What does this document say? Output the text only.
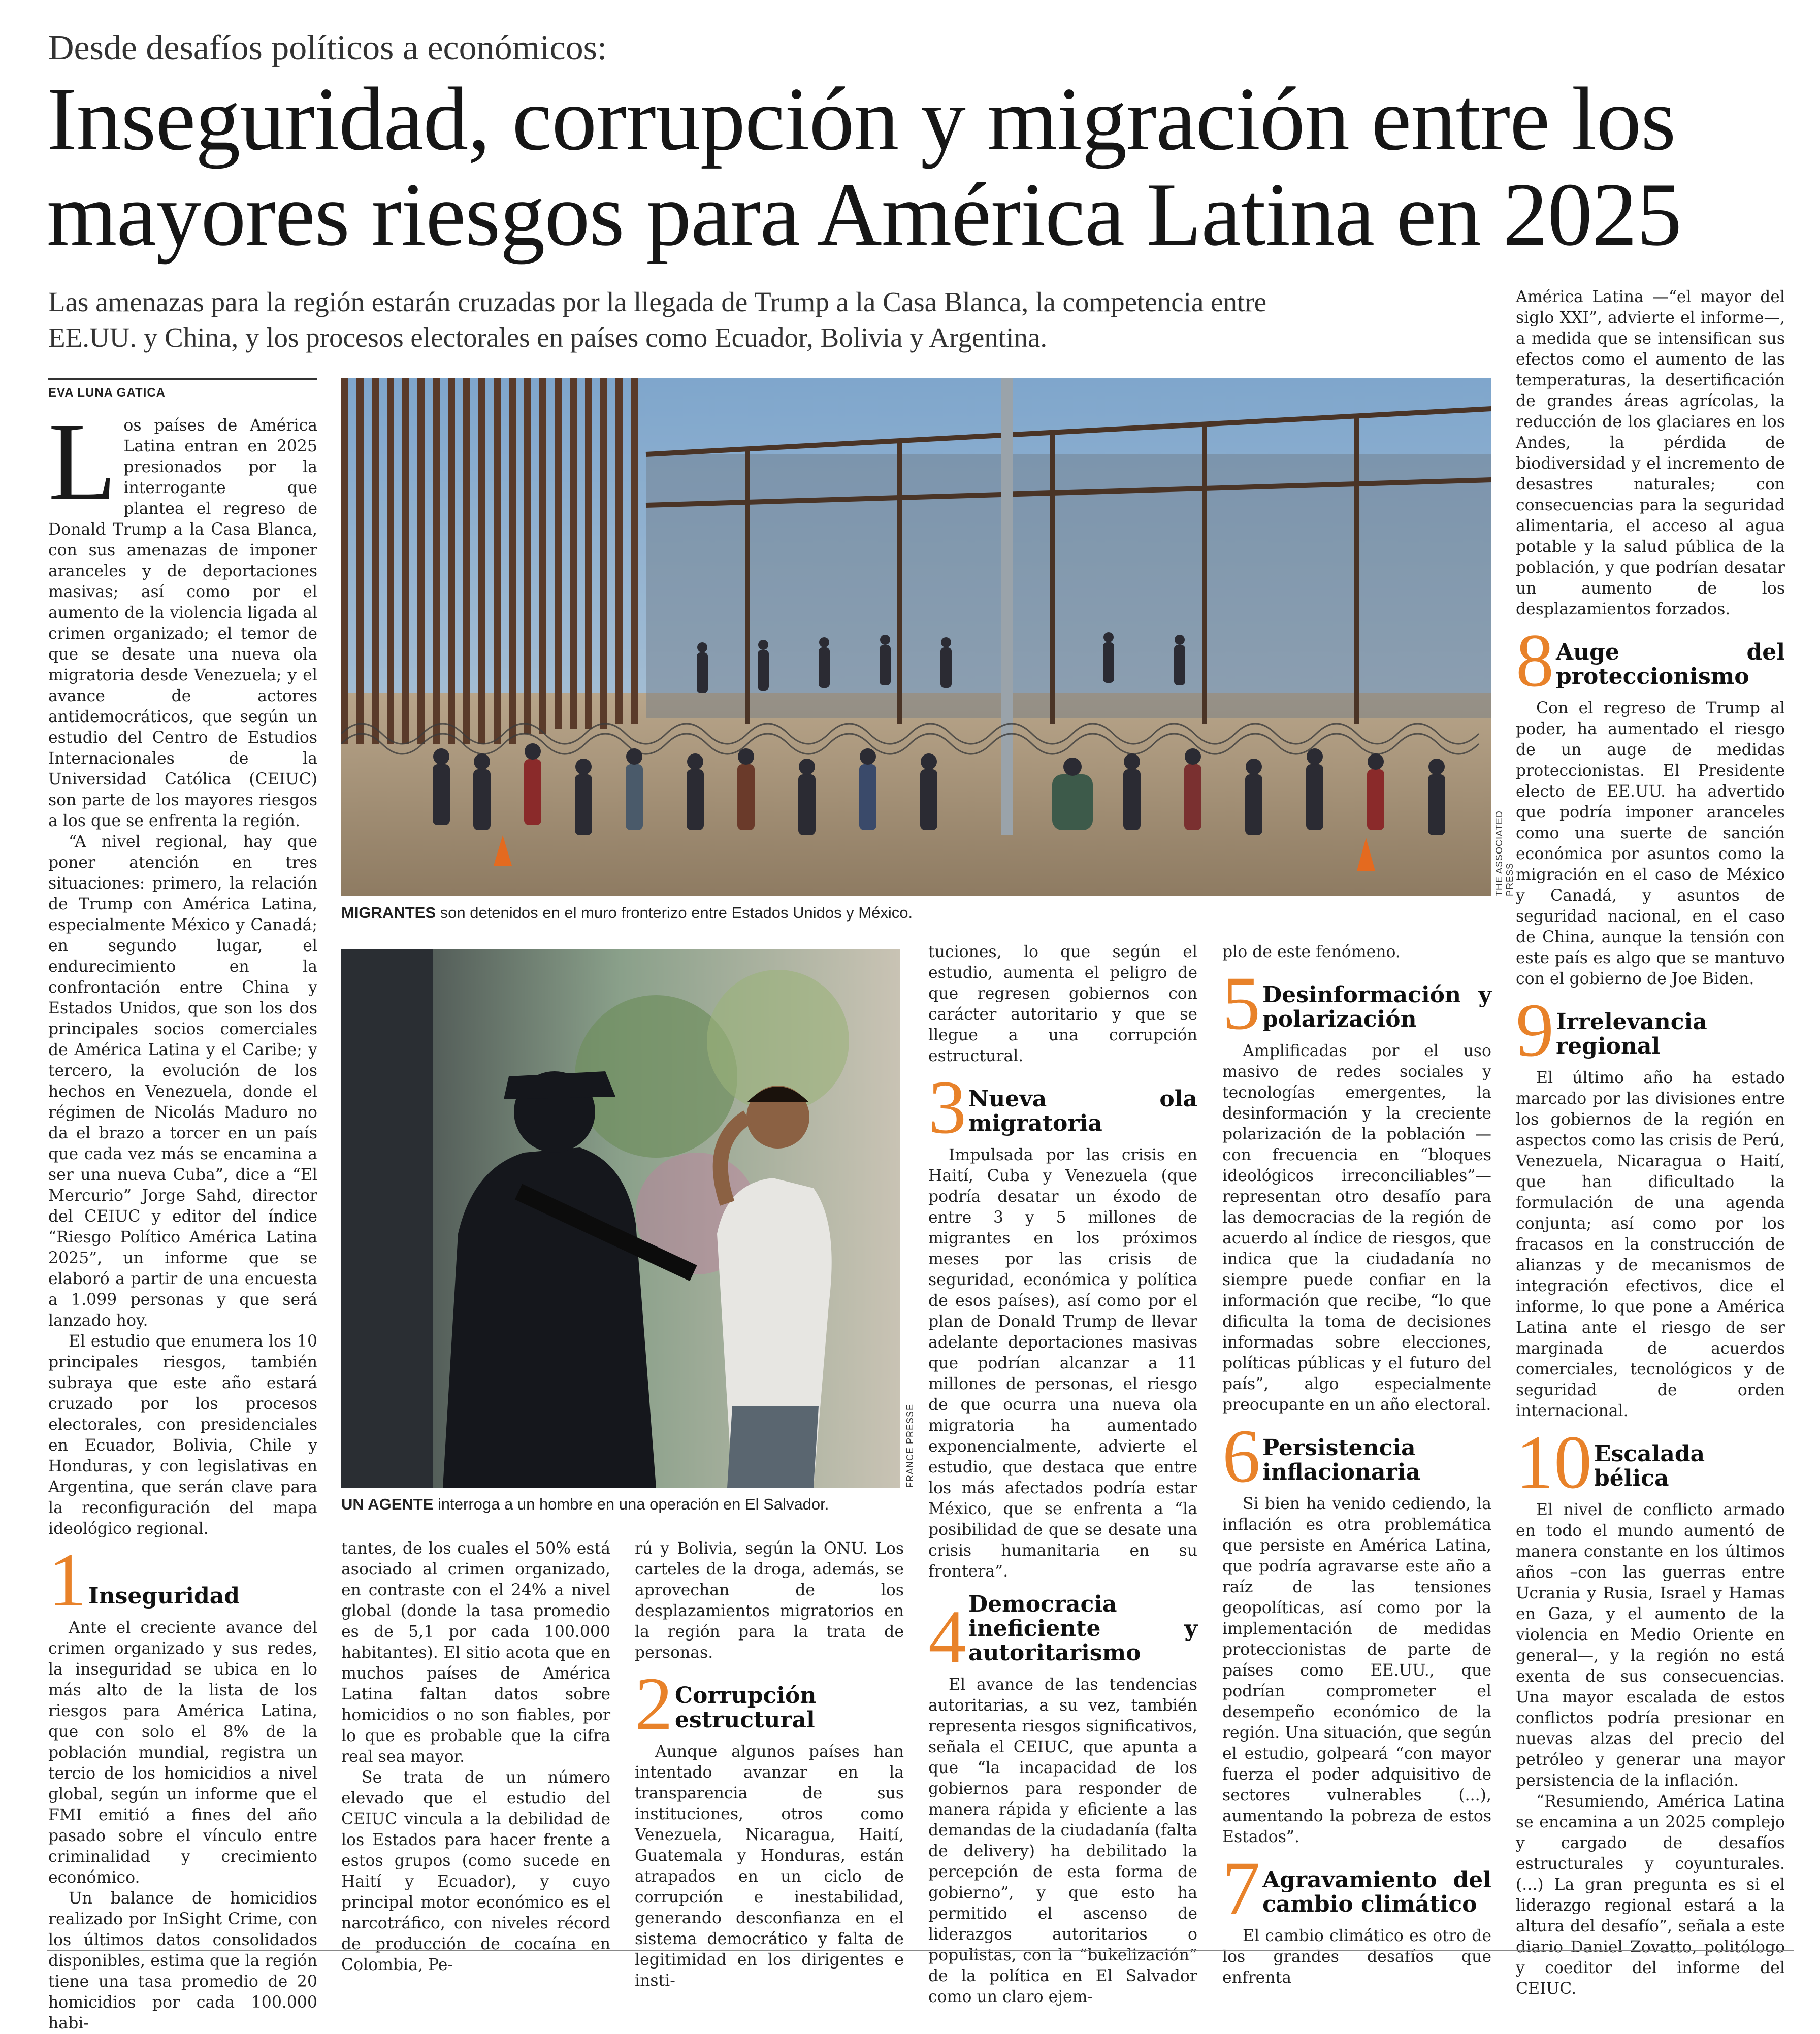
Desde desafíos políticos a económicos:
Inseguridad, corrupción y migración entre los
mayores riesgos para América Latina en 2025
Las amenazas para la región estarán cruzadas por la llegada de Trump a la Casa Blanca, la competencia entre
EE.UU. y China, y los procesos electorales en países como Ecuador, Bolivia y Argentina.
EVA LUNA GATICA
THE ASSOCIATED PRESS
MIGRANTES son detenidos en el muro fronterizo entre Estados Unidos y México.
FRANCE PRESSE
UN AGENTE interroga a un hombre en una operación en El Salvador.

Los países de América Latina entran en 2025 presionados por la interrogante que plantea el regreso de Donald Trump a la Casa Blanca, con sus amenazas de imponer aranceles y de deportaciones masivas; así como por el aumento de la violencia ligada al crimen organizado; el temor de que se desate una nueva ola migratoria desde Venezuela; y el avance de actores antidemocráticos, que según un estudio del Centro de Estudios Internacionales de la Universidad Católica (CEIUC) son parte de los mayores riesgos a los que se enfrenta la región.

“A nivel regional, hay que poner atención en tres situaciones: primero, la relación de Trump con América Latina, especialmente México y Canadá; en segundo lugar, el endurecimiento en la confrontación entre China y Estados Unidos, que son los dos principales socios comerciales de América Latina y el Caribe; y tercero, la evolución de los hechos en Venezuela, donde el régimen de Nicolás Maduro no da el brazo a torcer en un país que cada vez más se encamina a ser una nueva Cuba”, dice a “El Mercurio” Jorge Sahd, director del CEIUC y editor del índice “Riesgo Político América Latina 2025”, un informe que se elaboró a partir de una encuesta a 1.099 personas y que será lanzado hoy.

El estudio que enumera los 10 principales riesgos, también subraya que este año estará cruzado por los procesos electorales, con presidenciales en Ecuador, Bolivia, Chile y Honduras, y con legislativas en Argentina, que serán clave para la reconfiguración del mapa ideológico regional.

1 Inseguridad

Ante el creciente avance del crimen organizado y sus redes, la inseguridad se ubica en lo más alto de la lista de los riesgos para América Latina, que con solo el 8% de la población mundial, registra un tercio de los homicidios a nivel global, según un informe que el FMI emitió a fines del año pasado sobre el vínculo entre criminalidad y crecimiento económico.

Un balance de homicidios realizado por InSight Crime, con los últimos datos consolidados disponibles, estima que la región tiene una tasa promedio de 20 homicidios por cada 100.000 habi-

tantes, de los cuales el 50% está asociado al crimen organizado, en contraste con el 24% a nivel global (donde la tasa promedio es de 5,1 por cada 100.000 habitantes). El sitio acota que en muchos países de América Latina faltan datos sobre homicidios o no son fiables, por lo que es probable que la cifra real sea mayor.

Se trata de un número elevado que el estudio del CEIUC vincula a la debilidad de los Estados para hacer frente a estos grupos (como sucede en Haití y Ecuador), y cuyo principal motor económico es el narcotráfico, con niveles récord de producción de cocaína en Colombia, Pe-

rú y Bolivia, según la ONU. Los carteles de la droga, además, se aprovechan de los desplazamientos migratorios en la región para la trata de personas.

2 Corrupción estructural

Aunque algunos países han intentado avanzar en la transparencia de sus instituciones, otros como Venezuela, Nicaragua, Haití, Guatemala y Honduras, están atrapados en un ciclo de corrupción e inestabilidad, generando desconfianza en el sistema democrático y falta de legitimidad en los dirigentes e insti-

tuciones, lo que según el estudio, aumenta el peligro de que regresen gobiernos con carácter autoritario y que se llegue a una corrupción estructural.

3 Nueva ola migratoria

Impulsada por las crisis en Haití, Cuba y Venezuela (que podría desatar un éxodo de entre 3 y 5 millones de migrantes en los próximos meses por las crisis de seguridad, económica y política de esos países), así como por el plan de Donald Trump de llevar adelante deportaciones masivas que podrían alcanzar a 11 millones de personas, el riesgo de que ocurra una nueva ola migratoria ha aumentado exponencialmente, advierte el estudio, que destaca que entre los más afectados podría estar México, que se enfrenta a “la posibilidad de que se desate una crisis humanitaria en su frontera”.

4 Democracia ineficiente y autoritarismo

El avance de las tendencias autoritarias, a su vez, también representa riesgos significativos, señala el CEIUC, que apunta a que “la incapacidad de los gobiernos para responder de manera rápida y eficiente a las demandas de la ciudadanía (falta de delivery) ha debilitado la percepción de esta forma de gobierno”, y que esto ha permitido el ascenso de liderazgos autoritarios o populistas, con la “bukelización” de la política en El Salvador como un claro ejem-

plo de este fenómeno.

5 Desinformación y polarización

Amplificadas por el uso masivo de redes sociales y tecnologías emergentes, la desinformación y la creciente polarización de la población —con frecuencia en “bloques ideológicos irreconciliables”— representan otro desafío para las democracias de la región de acuerdo al índice de riesgos, que indica que la ciudadanía no siempre puede confiar en la información que recibe, “lo que dificulta la toma de decisiones informadas sobre elecciones, políticas públicas y el futuro del país”, algo especialmente preocupante en un año electoral.

6 Persistencia inflacionaria

Si bien ha venido cediendo, la inflación es otra problemática que persiste en América Latina, que podría agravarse este año a raíz de las tensiones geopolíticas, así como por la implementación de medidas proteccionistas de parte de países como EE.UU., que podrían comprometer el desempeño económico de la región. Una situación, que según el estudio, golpeará “con mayor fuerza el poder adquisitivo de sectores vulnerables (...), aumentando la pobreza de estos Estados”.

7 Agravamiento del cambio climático

El cambio climático es otro de los grandes desafíos que enfrenta

América Latina —“el mayor del siglo XXI”, advierte el informe—, a medida que se intensifican sus efectos como el aumento de las temperaturas, la desertificación de grandes áreas agrícolas, la reducción de los glaciares en los Andes, la pérdida de biodiversidad y el incremento de desastres naturales; con consecuencias para la seguridad alimentaria, el acceso al agua potable y la salud pública de la población, y que podrían desatar un aumento de los desplazamientos forzados.

8 Auge del proteccionismo

Con el regreso de Trump al poder, ha aumentado el riesgo de un auge de medidas proteccionistas. El Presidente electo de EE.UU. ha advertido que podría imponer aranceles como una suerte de sanción económica por asuntos como la migración en el caso de México y Canadá, y asuntos de seguridad nacional, en el caso de China, aunque la tensión con este país es algo que se mantuvo con el gobierno de Joe Biden.

9 Irrelevancia regional

El último año ha estado marcado por las divisiones entre los gobiernos de la región en aspectos como las crisis de Perú, Venezuela, Nicaragua o Haití, que han dificultado la formulación de una agenda conjunta; así como por los fracasos en la construcción de alianzas y de mecanismos de integración efectivos, dice el informe, lo que pone a América Latina ante el riesgo de ser marginada de acuerdos comerciales, tecnológicos y de seguridad de orden internacional.

10 Escalada bélica

El nivel de conflicto armado en todo el mundo aumentó de manera constante en los últimos años –con las guerras entre Ucrania y Rusia, Israel y Hamas en Gaza, y el aumento de la violencia en Medio Oriente en general—, y la región no está exenta de sus consecuencias. Una mayor escalada de estos conflictos podría presionar en nuevas alzas del precio del petróleo y generar una mayor persistencia de la inflación.

“Resumiendo, América Latina se encamina a un 2025 complejo y cargado de desafíos estructurales y coyunturales. (...) La gran pregunta es si el liderazgo regional estará a la altura del desafío”, señala a este diario Daniel Zovatto, politólogo y coeditor del informe del CEIUC.
